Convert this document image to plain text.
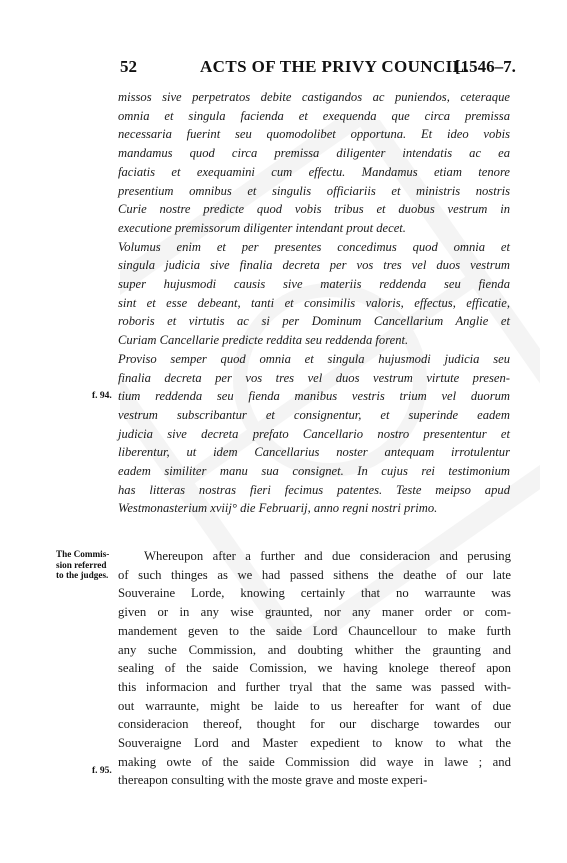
52	ACTS OF THE PRIVY COUNCIL.
[1546–7.
missos sive perpetratos debite castigandos ac puniendos, ceteraque
omnia et singula facienda et exequenda que circa premissa
necessaria fuerint seu quomodolibet opportuna. Et ideo vobis
mandamus quod circa premissa diligenter intendatis ac ea
faciatis et exequamini cum effectu. Mandamus etiam tenore
presentium omnibus et singulis officiariis et ministris nostris
Curie nostre predicte quod vobis tribus et duobus vestrum in
executione premissorum diligenter intendant prout decet.
Volumus enim et per presentes concedimus quod omnia et
singula judicia sive finalia decreta per vos tres vel duos vestrum
super hujusmodi causis sive materiis reddenda seu fienda
sint et esse debeant, tanti et consimilis valoris, effectus, efficatie,
roboris et virtutis ac si per Dominum Cancellarium Anglie et
Curiam Cancellarie predicte reddita seu reddenda forent.
Proviso semper quod omnia et singula hujusmodi judicia seu
finalia decreta per vos tres vel duos vestrum virtute presen-
tium reddenda seu fienda manibus vestris trium vel duorum
vestrum subscribantur et consignentur, et superinde eadem
judicia sive decreta prefato Cancellario nostro presententur et
liberentur, ut idem Cancellarius noster antequam irrotulentur
eadem similiter manu sua consignet. In cujus rei testimonium
has litteras nostras fieri fecimus patentes. Teste meipso apud
Westmonasterium xviij° die Februarij, anno regni nostri primo.
f. 94.
The Commis-
sion referred
to the judges.
Whereupon after a further and due consideracion and perusing
of such thinges as we had passed sithens the deathe of our late
Souveraine Lorde, knowing certainly that no warraunte was
given or in any wise graunted, nor any maner order or com-
mandement geven to the saide Lord Chauncellour to make furth
any suche Commission, and doubting whither the graunting and
sealing of the saide Comission, we having knolege thereof apon
this informacion and further tryal that the same was passed with-
out warraunte, might be laide to us hereafter for want of due
consideracion thereof, thought for our discharge towardes our
Souveraigne Lord and Master expedient to know to what the
making owte of the saide Commission did waye in lawe ; and
thereapon consulting with the moste grave and moste experi-
f. 95.
